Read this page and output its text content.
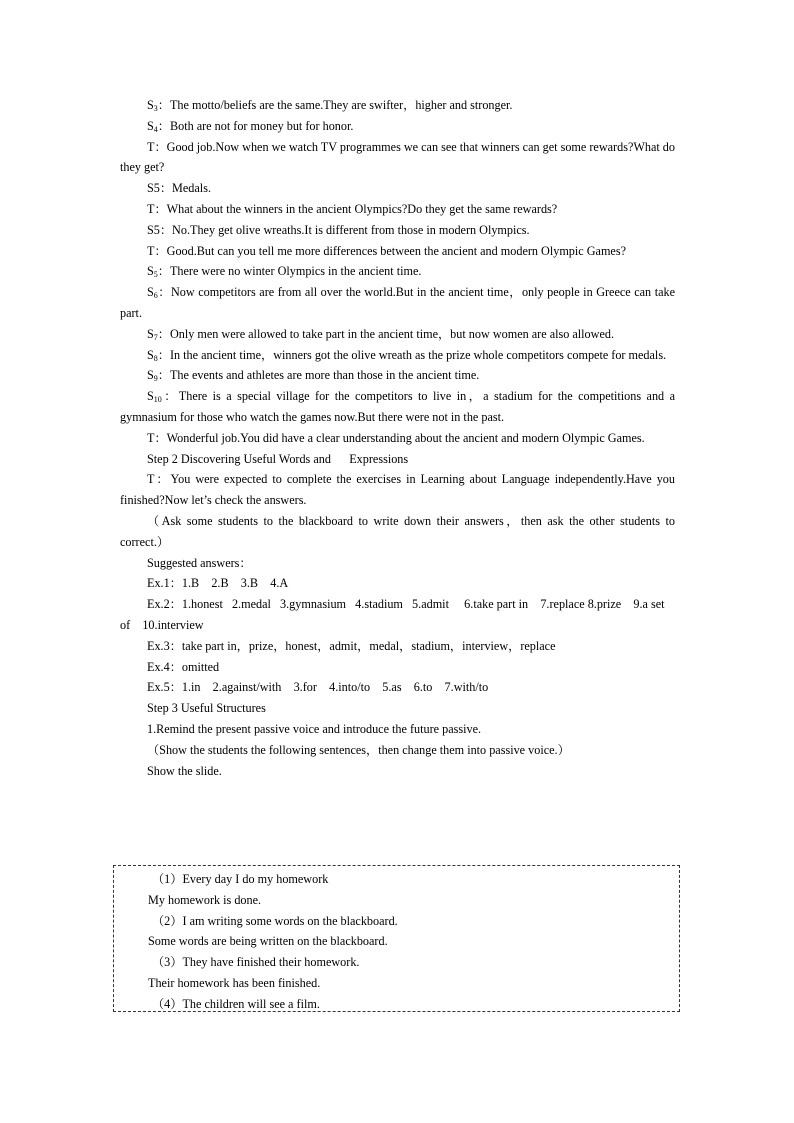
$S_3$：The motto/beliefs are the same.They are swifter，higher and stronger.

$S_4$：Both are not for money but for honor.

T：Good job.Now when we watch TV programmes we can see that winners can get some rewards?What do they get?

S5：Medals.

T：What about the winners in the ancient Olympics?Do they get the same rewards?

S5：No.They get olive wreaths.It is different from those in modern Olympics.

T：Good.But can you tell me more differences between the ancient and modern Olympic Games?

$S_5$：There were no winter Olympics in the ancient time.

$S_6$：Now competitors are from all over the world.But in the ancient time，only people in Greece can take part.

$S_7$：Only men were allowed to take part in the ancient time，but now women are also allowed.

$S_8$：In the ancient time，winners got the olive wreath as the prize whole competitors compete for medals.

$S_9$：The events and athletes are more than those in the ancient time.

$S_{10}$：There is a special village for the competitors to live in，a stadium for the competitions and a gymnasium for those who watch the games now.But there were not in the past.

T：Wonderful job.You did have a clear understanding about the ancient and modern Olympic Games.

Step 2 Discovering Useful Words and      Expressions

T：You were expected to complete the exercises in Learning about Language independently.Have you finished?Now let’s check the answers.

（Ask some students to the blackboard to write down their answers，then ask the other students to correct.）

Suggested answers：

Ex.1：1.B    2.B    3.B    4.A

Ex.2：1.honest   2.medal   3.gymnasium   4.stadium   5.admit     6.take part in    7.replace 8.prize    9.a set of    10.interview

Ex.3：take part in，prize，honest，admit，medal，stadium，interview，replace

Ex.4：omitted

Ex.5：1.in    2.against/with    3.for    4.into/to    5.as    6.to    7.with/to

Step 3 Useful Structures

1.Remind the present passive voice and introduce the future passive.

（Show the students the following sentences，then change them into passive voice.）

Show the slide.

（1）Every day I do my homework

My homework is done.

（2）I am writing some words on the blackboard.

Some words are being written on the blackboard.

（3）They have finished their homework.

Their homework has been finished.

（4）The children will see a film.
